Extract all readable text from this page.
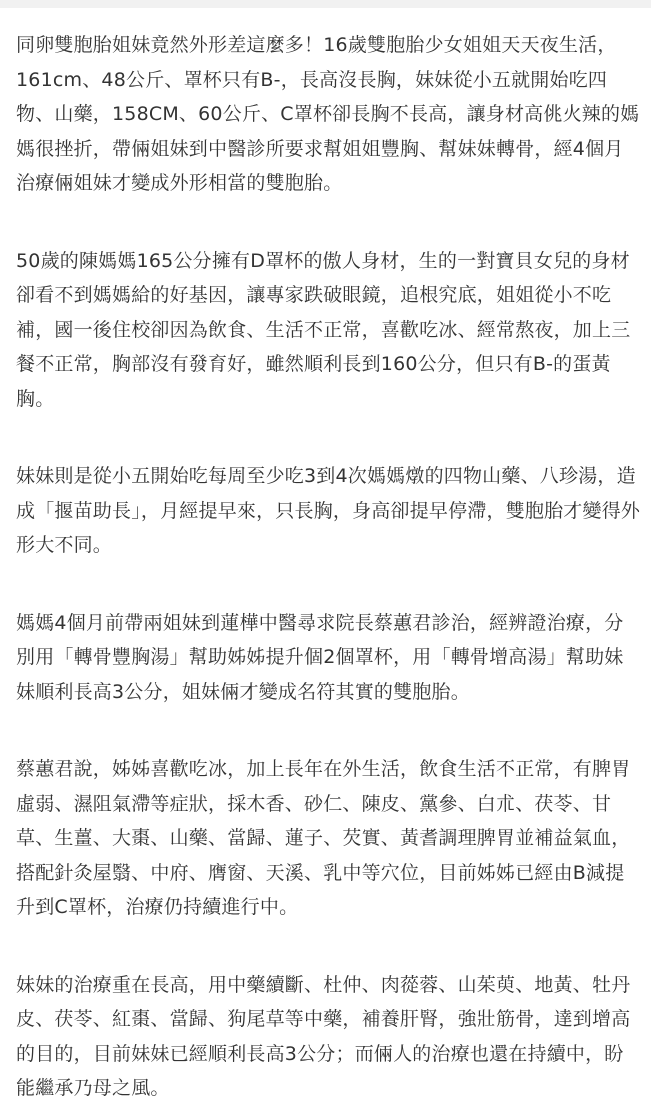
同卵雙胞胎姐妹竟然外形差這麼多！16歲雙胞胎少女姐姐天天夜生活，161cm、48公斤、罩杯只有B-，長高沒長胸，妹妹從小五就開始吃四物、山藥，158CM、60公斤、C罩杯卻長胸不長高，讓身材高佻火辣的媽媽很挫折，帶倆姐妹到中醫診所要求幫姐姐豐胸、幫妹妹轉骨，經4個月治療倆姐妹才變成外形相當的雙胞胎。

50歲的陳媽媽165公分擁有D罩杯的傲人身材，生的一對寶貝女兒的身材卻看不到媽媽給的好基因，讓專家跌破眼鏡，追根究底，姐姐從小不吃補，國一後住校卻因為飲食、生活不正常，喜歡吃冰、經常熬夜，加上三餐不正常，胸部沒有發育好，雖然順利長到160公分，但只有B-的蛋黃胸。

妹妹則是從小五開始吃每周至少吃3到4次媽媽燉的四物山藥、八珍湯，造成「揠苗助長」，月經提早來，只長胸，身高卻提早停滯，雙胞胎才變得外形大不同。

媽媽4個月前帶兩姐妹到蓮樺中醫尋求院長蔡蕙君診治，經辨證治療，分別用「轉骨豐胸湯」幫助姊姊提升個2個罩杯，用「轉骨增高湯」幫助妹妹順利長高3公分，姐妹倆才變成名符其實的雙胞胎。

蔡蕙君說，姊姊喜歡吃冰，加上長年在外生活，飲食生活不正常，有脾胃虛弱、濕阻氣滯等症狀，採木香、砂仁、陳皮、黨參、白朮、茯苓、甘草、生薑、大棗、山藥、當歸、蓮子、芡實、黃耆調理脾胃並補益氣血，搭配針灸屋翳、中府、膺窗、天溪、乳中等穴位，目前姊姊已經由B減提升到C罩杯，治療仍持續進行中。

妹妹的治療重在長高，用中藥續斷、杜仲、肉蓯蓉、山茱萸、地黃、牡丹皮、茯苓、紅棗、當歸、狗尾草等中藥，補養肝腎，強壯筋骨，達到增高的目的，目前妹妹已經順利長高3公分；而倆人的治療也還在持續中，盼能繼承乃母之風。
